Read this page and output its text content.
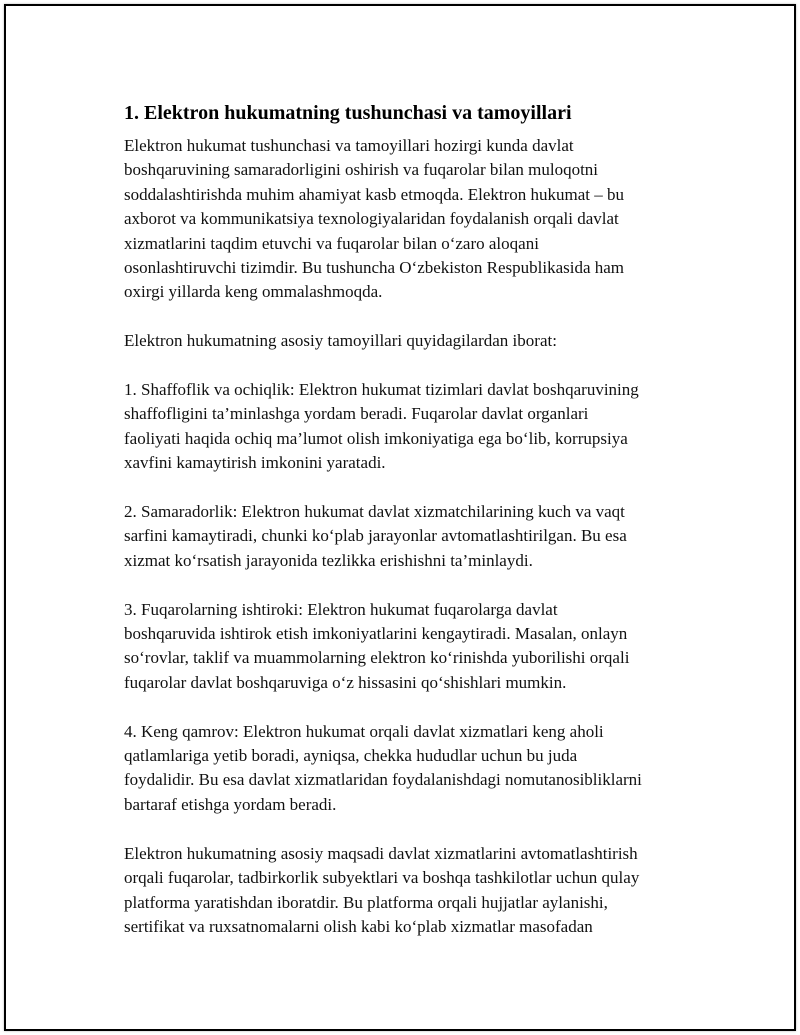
1. Elektron hukumatning tushunchasi va tamoyillari

Elektron hukumat tushunchasi va tamoyillari hozirgi kunda davlat
boshqaruvining samaradorligini oshirish va fuqarolar bilan muloqotni
soddalashtirishda muhim ahamiyat kasb etmoqda. Elektron hukumat – bu
axborot va kommunikatsiya texnologiyalaridan foydalanish orqali davlat
xizmatlarini taqdim etuvchi va fuqarolar bilan o‘zaro aloqani
osonlashtiruvchi tizimdir. Bu tushuncha O‘zbekiston Respublikasida ham
oxirgi yillarda keng ommalashmoqda.

Elektron hukumatning asosiy tamoyillari quyidagilardan iborat:

1. Shaffoflik va ochiqlik: Elektron hukumat tizimlari davlat boshqaruvining
shaffofligini ta’minlashga yordam beradi. Fuqarolar davlat organlari
faoliyati haqida ochiq ma’lumot olish imkoniyatiga ega bo‘lib, korrupsiya
xavfini kamaytirish imkonini yaratadi.

2. Samaradorlik: Elektron hukumat davlat xizmatchilarining kuch va vaqt
sarfini kamaytiradi, chunki ko‘plab jarayonlar avtomatlashtirilgan. Bu esa
xizmat ko‘rsatish jarayonida tezlikka erishishni ta’minlaydi.

3. Fuqarolarning ishtiroki: Elektron hukumat fuqarolarga davlat
boshqaruvida ishtirok etish imkoniyatlarini kengaytiradi. Masalan, onlayn
so‘rovlar, taklif va muammolarning elektron ko‘rinishda yuborilishi orqali
fuqarolar davlat boshqaruviga o‘z hissasini qo‘shishlari mumkin.

4. Keng qamrov: Elektron hukumat orqali davlat xizmatlari keng aholi
qatlamlariga yetib boradi, ayniqsa, chekka hududlar uchun bu juda
foydalidir. Bu esa davlat xizmatlaridan foydalanishdagi nomutanosibliklarni
bartaraf etishga yordam beradi.

Elektron hukumatning asosiy maqsadi davlat xizmatlarini avtomatlashtirish
orqali fuqarolar, tadbirkorlik subyektlari va boshqa tashkilotlar uchun qulay
platforma yaratishdan iboratdir. Bu platforma orqali hujjatlar aylanishi,
sertifikat va ruxsatnomalarni olish kabi ko‘plab xizmatlar masofadan
